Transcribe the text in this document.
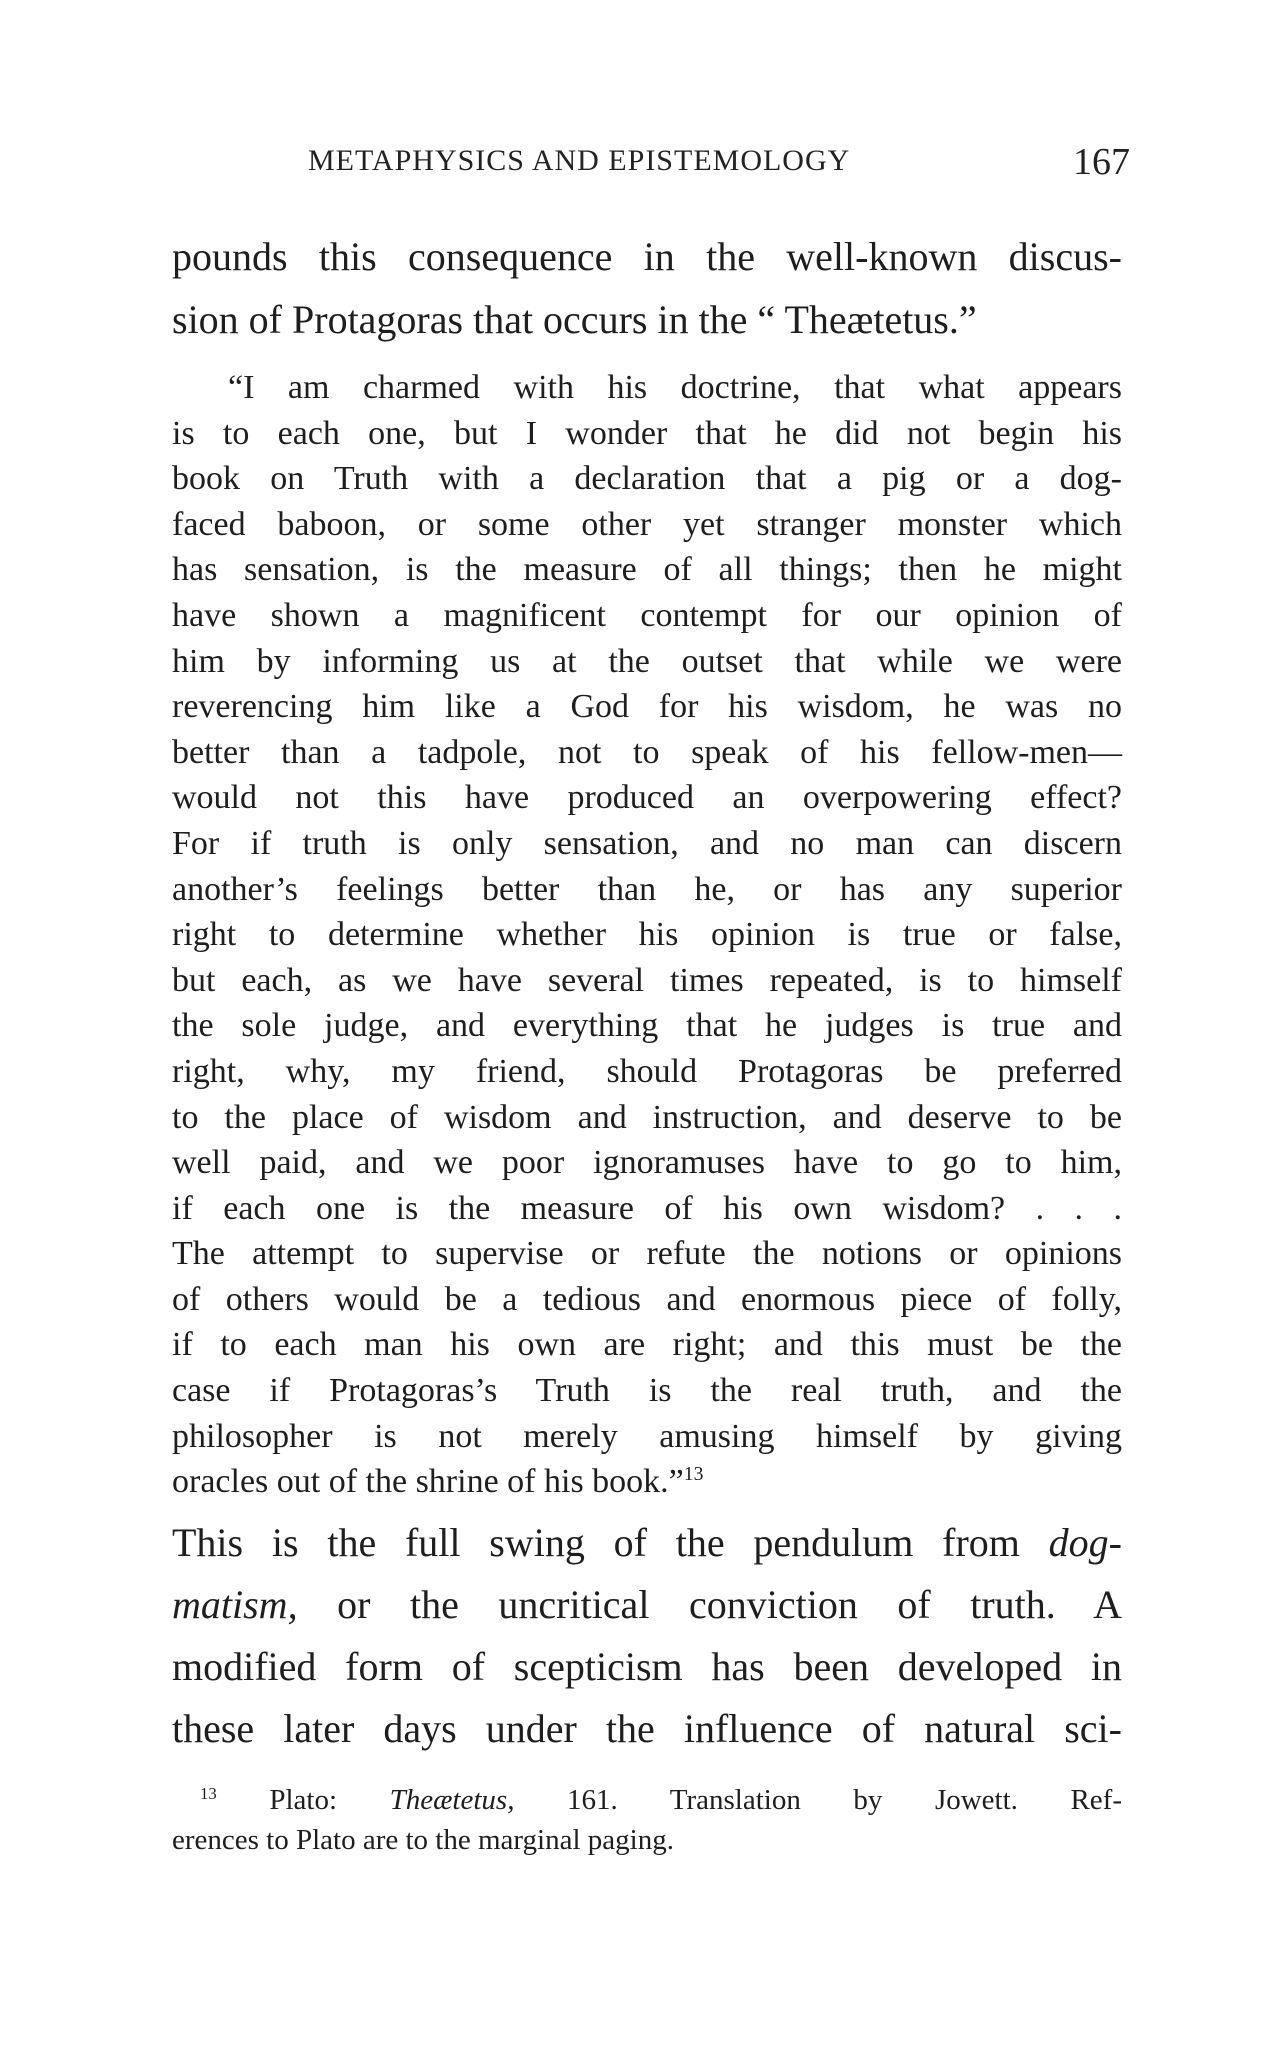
METAPHYSICS AND EPISTEMOLOGY	167
pounds this consequence in the well-known discus-
sion of Protagoras that occurs in the “ Theætetus.”
“I am charmed with his doctrine, that what appears
is to each one, but I wonder that he did not begin his
book on Truth with a declaration that a pig or a dog-
faced baboon, or some other yet stranger monster which
has sensation, is the measure of all things; then he might
have shown a magnificent contempt for our opinion of
him by informing us at the outset that while we were
reverencing him like a God for his wisdom, he was no
better than a tadpole, not to speak of his fellow-men—
would not this have produced an overpowering effect?
For if truth is only sensation, and no man can discern
another’s feelings better than he, or has any superior
right to determine whether his opinion is true or false,
but each, as we have several times repeated, is to himself
the sole judge, and everything that he judges is true and
right, why, my friend, should Protagoras be preferred
to the place of wisdom and instruction, and deserve to be
well paid, and we poor ignoramuses have to go to him,
if each one is the measure of his own wisdom? . . .
The attempt to supervise or refute the notions or opinions
of others would be a tedious and enormous piece of folly,
if to each man his own are right; and this must be the
case if Protagoras’s Truth is the real truth, and the
philosopher is not merely amusing himself by giving
oracles out of the shrine of his book.”$^{13}$
This is the full swing of the pendulum from dog-
matism, or the uncritical conviction of truth. A
modified form of scepticism has been developed in
these later days under the influence of natural sci-
$^{13}$ Plato: Theætetus, 161. Translation by Jowett. Ref-
erences to Plato are to the marginal paging.
